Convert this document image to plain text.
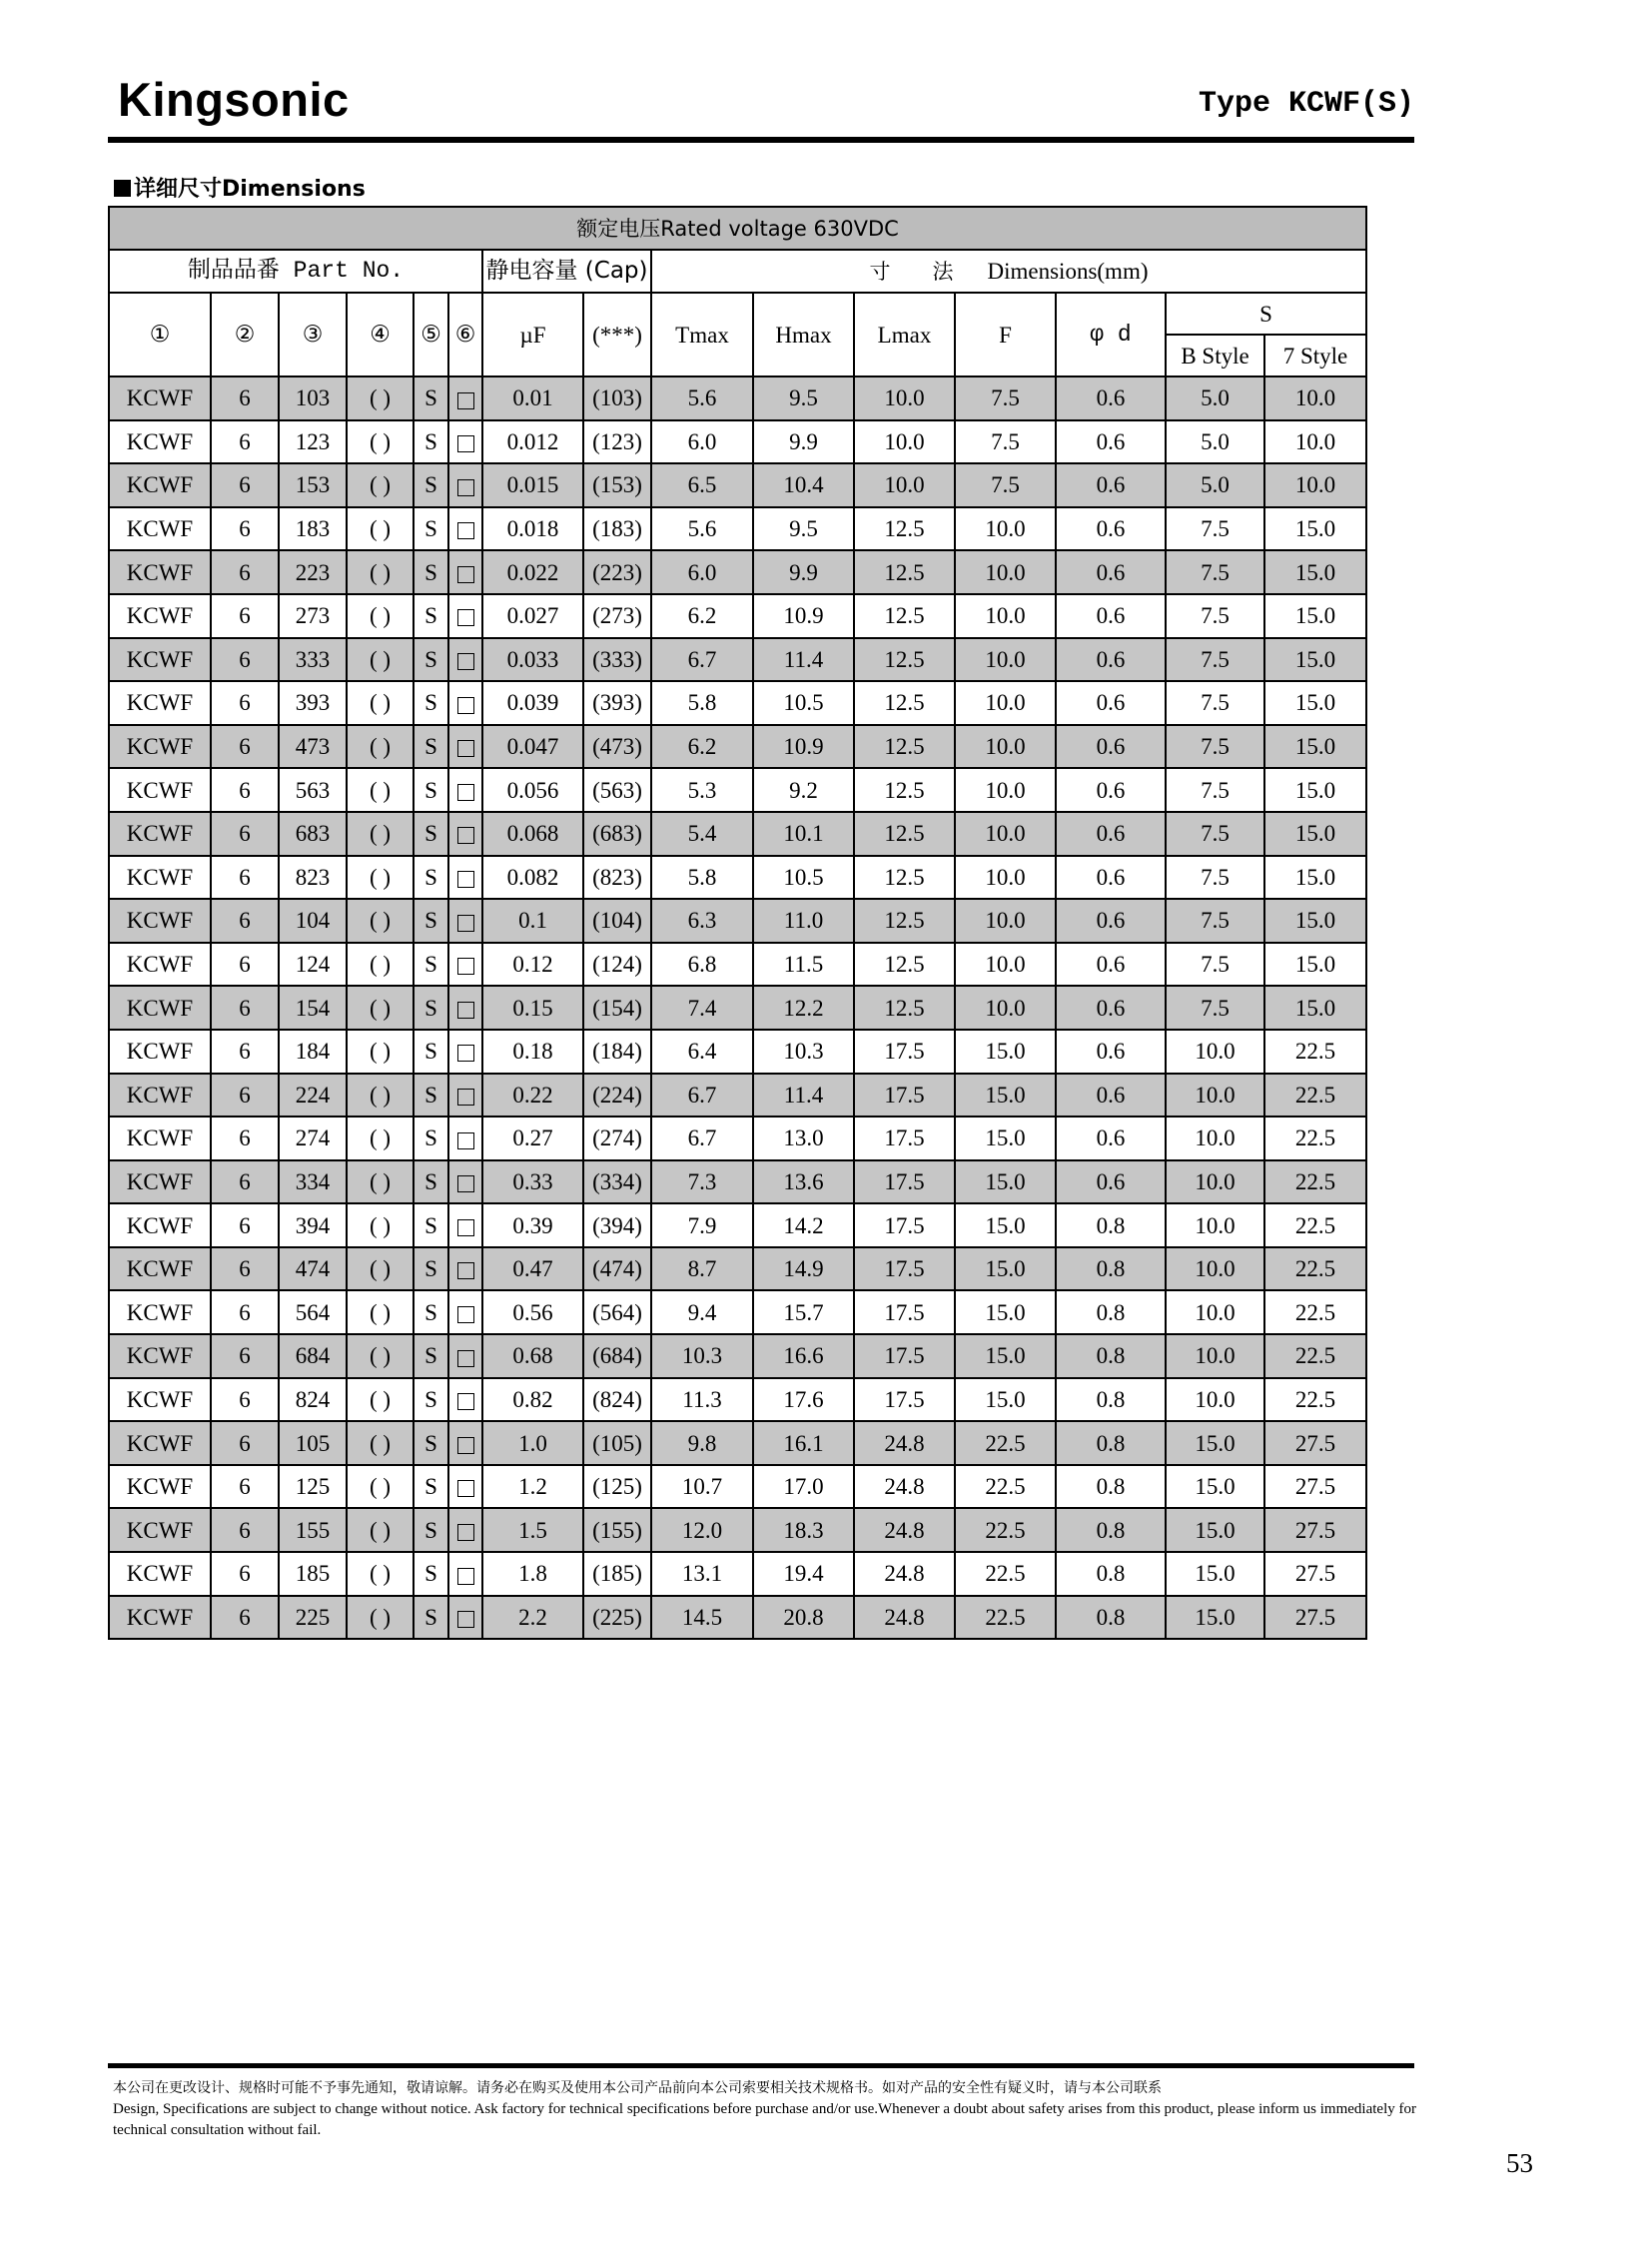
Kingsonic	Type KCWF(S)
详细尺寸Dimensions
额定电压Rated voltage 630VDC														
制品品番 Part No.						静电容量 (Cap)		寸　　法 Dimensions(mm)						
①	②	③	④	⑤	⑥	µF	(***)	Tmax	Hmax	Lmax	F	φ d	S	
													B Style	7 Style
KCWF	6	103	( )	S		0.01	(103)	5.6	9.5	10.0	7.5	0.6	5.0	10.0
KCWF	6	123	( )	S		0.012	(123)	6.0	9.9	10.0	7.5	0.6	5.0	10.0
KCWF	6	153	( )	S		0.015	(153)	6.5	10.4	10.0	7.5	0.6	5.0	10.0
KCWF	6	183	( )	S		0.018	(183)	5.6	9.5	12.5	10.0	0.6	7.5	15.0
KCWF	6	223	( )	S		0.022	(223)	6.0	9.9	12.5	10.0	0.6	7.5	15.0
KCWF	6	273	( )	S		0.027	(273)	6.2	10.9	12.5	10.0	0.6	7.5	15.0
KCWF	6	333	( )	S		0.033	(333)	6.7	11.4	12.5	10.0	0.6	7.5	15.0
KCWF	6	393	( )	S		0.039	(393)	5.8	10.5	12.5	10.0	0.6	7.5	15.0
KCWF	6	473	( )	S		0.047	(473)	6.2	10.9	12.5	10.0	0.6	7.5	15.0
KCWF	6	563	( )	S		0.056	(563)	5.3	9.2	12.5	10.0	0.6	7.5	15.0
KCWF	6	683	( )	S		0.068	(683)	5.4	10.1	12.5	10.0	0.6	7.5	15.0
KCWF	6	823	( )	S		0.082	(823)	5.8	10.5	12.5	10.0	0.6	7.5	15.0
KCWF	6	104	( )	S		0.1	(104)	6.3	11.0	12.5	10.0	0.6	7.5	15.0
KCWF	6	124	( )	S		0.12	(124)	6.8	11.5	12.5	10.0	0.6	7.5	15.0
KCWF	6	154	( )	S		0.15	(154)	7.4	12.2	12.5	10.0	0.6	7.5	15.0
KCWF	6	184	( )	S		0.18	(184)	6.4	10.3	17.5	15.0	0.6	10.0	22.5
KCWF	6	224	( )	S		0.22	(224)	6.7	11.4	17.5	15.0	0.6	10.0	22.5
KCWF	6	274	( )	S		0.27	(274)	6.7	13.0	17.5	15.0	0.6	10.0	22.5
KCWF	6	334	( )	S		0.33	(334)	7.3	13.6	17.5	15.0	0.6	10.0	22.5
KCWF	6	394	( )	S		0.39	(394)	7.9	14.2	17.5	15.0	0.8	10.0	22.5
KCWF	6	474	( )	S		0.47	(474)	8.7	14.9	17.5	15.0	0.8	10.0	22.5
KCWF	6	564	( )	S		0.56	(564)	9.4	15.7	17.5	15.0	0.8	10.0	22.5
KCWF	6	684	( )	S		0.68	(684)	10.3	16.6	17.5	15.0	0.8	10.0	22.5
KCWF	6	824	( )	S		0.82	(824)	11.3	17.6	17.5	15.0	0.8	10.0	22.5
KCWF	6	105	( )	S		1.0	(105)	9.8	16.1	24.8	22.5	0.8	15.0	27.5
KCWF	6	125	( )	S		1.2	(125)	10.7	17.0	24.8	22.5	0.8	15.0	27.5
KCWF	6	155	( )	S		1.5	(155)	12.0	18.3	24.8	22.5	0.8	15.0	27.5
KCWF	6	185	( )	S		1.8	(185)	13.1	19.4	24.8	22.5	0.8	15.0	27.5
KCWF	6	225	( )	S		2.2	(225)	14.5	20.8	24.8	22.5	0.8	15.0	27.5
本公司在更改设计、规格时可能不予事先通知，敬请谅解。请务必在购买及使用本公司产品前向本公司索要相关技术规格书。如对产品的安全性有疑义时，请与本公司联系
Design, Specifications are subject to change without notice. Ask factory for technical specifications before purchase and/or use.Whenever a doubt about safety arises from this product, please inform us immediately for technical consultation without fail.
53
